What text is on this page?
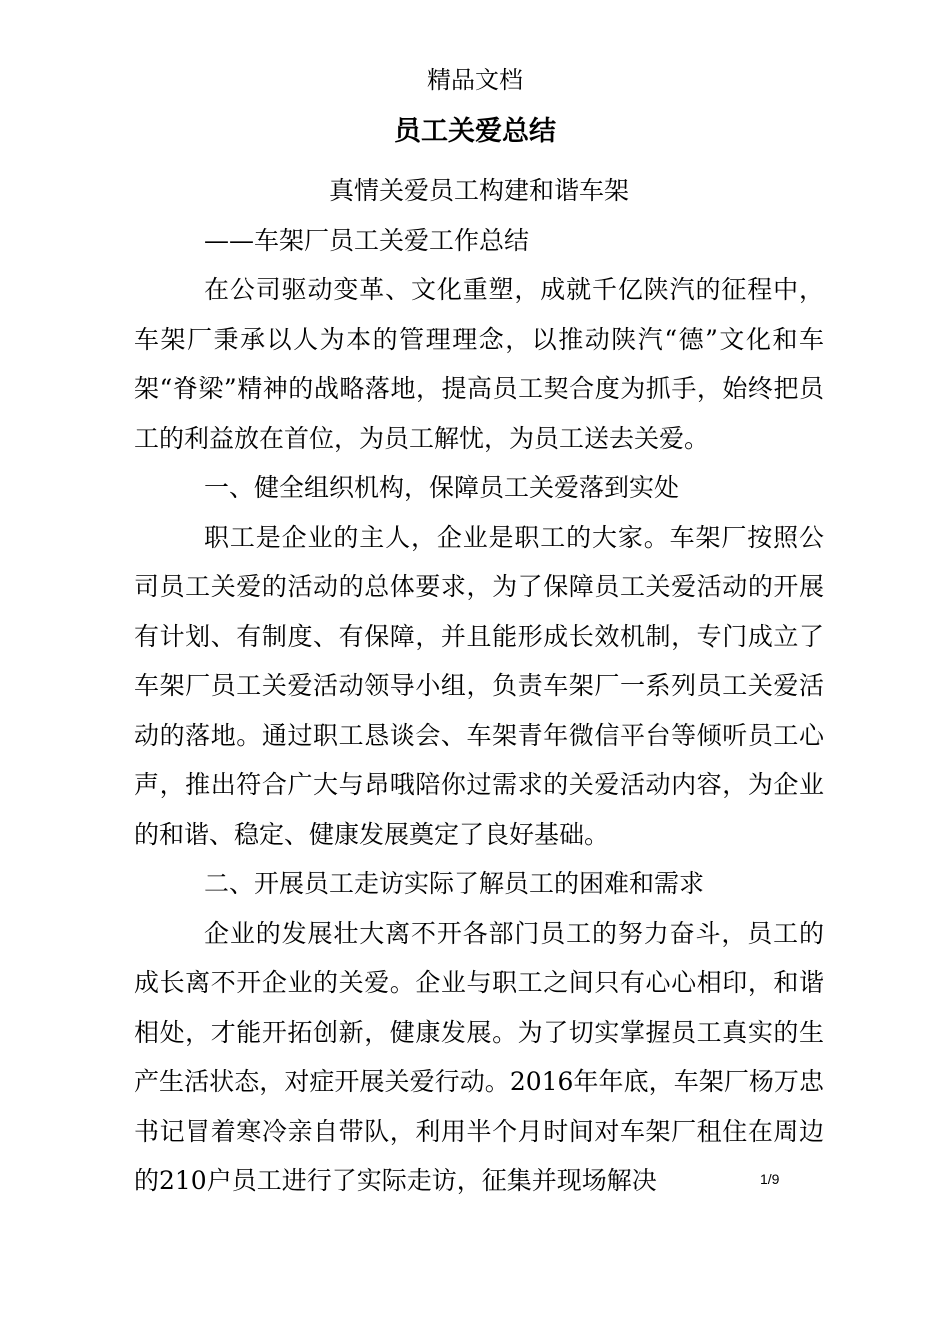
精品文档
员工关爱总结

真情关爱员工构建和谐车架

——车架厂员工关爱工作总结

在公司驱动变革、文化重塑，成就千亿陕汽的征程中，车架厂秉承以人为本的管理理念，以推动陕汽“德”文化和车架“脊梁”精神的战略落地，提高员工契合度为抓手，始终把员工的利益放在首位，为员工解忧，为员工送去关爱。

一、健全组织机构，保障员工关爱落到实处

职工是企业的主人，企业是职工的大家。车架厂按照公司员工关爱的活动的总体要求，为了保障员工关爱活动的开展有计划、有制度、有保障，并且能形成长效机制，专门成立了车架厂员工关爱活动领导小组，负责车架厂一系列员工关爱活动的落地。通过职工恳谈会、车架青年微信平台等倾听员工心声，推出符合广大与昂哦陪你过需求的关爱活动内容，为企业的和谐、稳定、健康发展奠定了良好基础。

二、开展员工走访实际了解员工的困难和需求

企业的发展壮大离不开各部门员工的努力奋斗，员工的成长离不开企业的关爱。企业与职工之间只有心心相印，和谐相处，才能开拓创新，健康发展。为了切实掌握员工真实的生产生活状态，对症开展关爱行动。2016年年底，车架厂杨万忠书记冒着寒冷亲自带队，利用半个月时间对车架厂租住在周边的210户员工进行了实际走访，征集并现场解决	1/9
